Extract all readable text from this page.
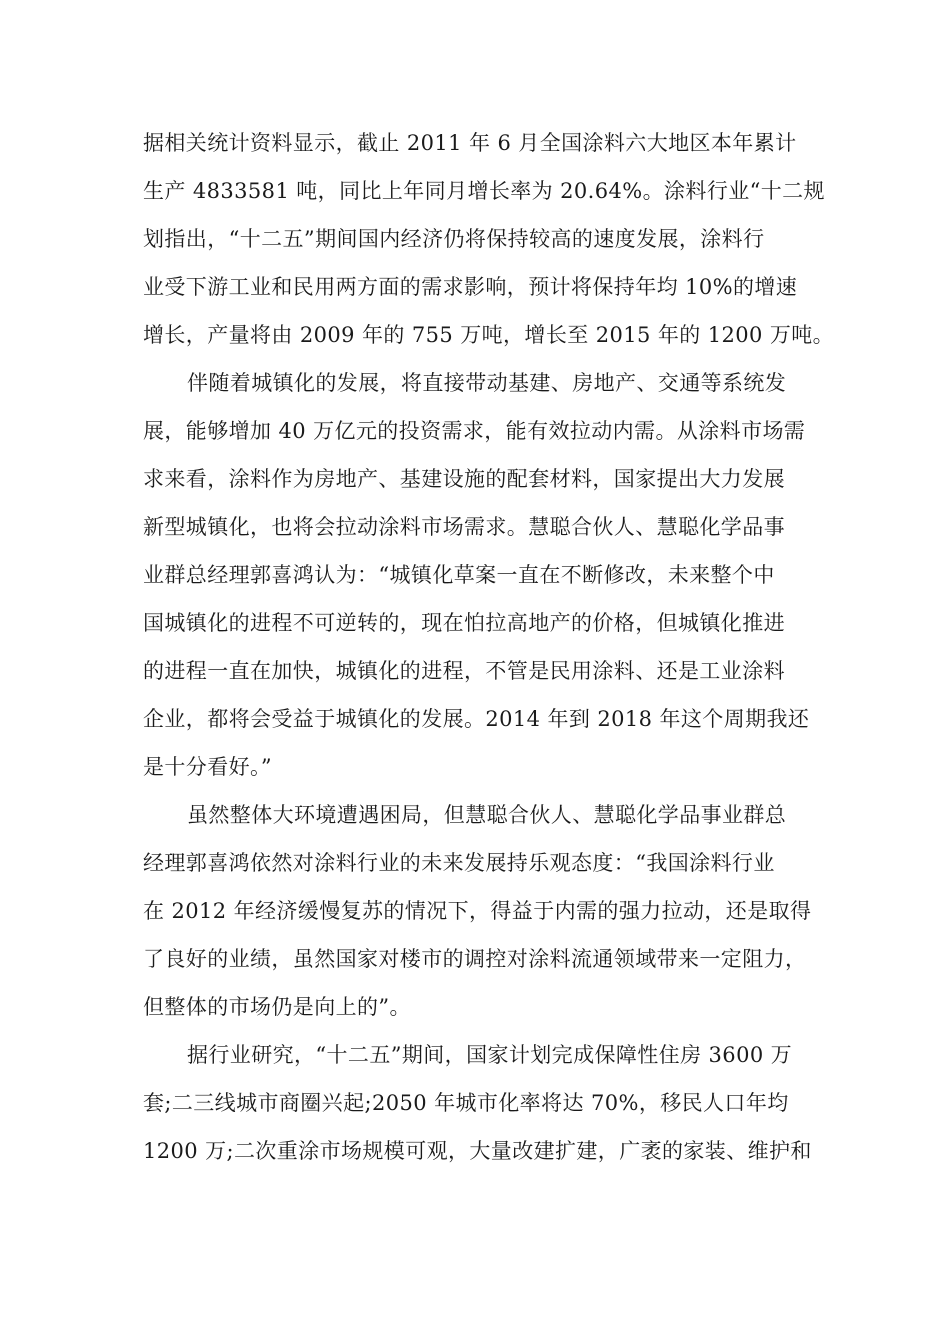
据相关统计资料显示，截止 2011 年 6 月全国涂料六大地区本年累计
生产 4833581 吨，同比上年同月增长率为 20.64%。涂料行业“十二规
划指出，“十二五”期间国内经济仍将保持较高的速度发展，涂料行
业受下游工业和民用两方面的需求影响，预计将保持年均 10%的增速
增长，产量将由 2009 年的 755 万吨，增长至 2015 年的 1200 万吨。
伴随着城镇化的发展，将直接带动基建、房地产、交通等系统发
展，能够增加 40 万亿元的投资需求，能有效拉动内需。从涂料市场需
求来看，涂料作为房地产、基建设施的配套材料，国家提出大力发展
新型城镇化，也将会拉动涂料市场需求。慧聪合伙人、慧聪化学品事
业群总经理郭喜鸿认为：“城镇化草案一直在不断修改，未来整个中
国城镇化的进程不可逆转的，现在怕拉高地产的价格，但城镇化推进
的进程一直在加快，城镇化的进程，不管是民用涂料、还是工业涂料
企业，都将会受益于城镇化的发展。2014 年到 2018 年这个周期我还
是十分看好。”
虽然整体大环境遭遇困局，但慧聪合伙人、慧聪化学品事业群总
经理郭喜鸿依然对涂料行业的未来发展持乐观态度：“我国涂料行业
在 2012 年经济缓慢复苏的情况下，得益于内需的强力拉动，还是取得
了良好的业绩，虽然国家对楼市的调控对涂料流通领域带来一定阻力，
但整体的市场仍是向上的”。
据行业研究，“十二五”期间，国家计划完成保障性住房 3600 万
套;二三线城市商圈兴起;2050 年城市化率将达 70%，移民人口年均
1200 万;二次重涂市场规模可观，大量改建扩建，广袤的家装、维护和
